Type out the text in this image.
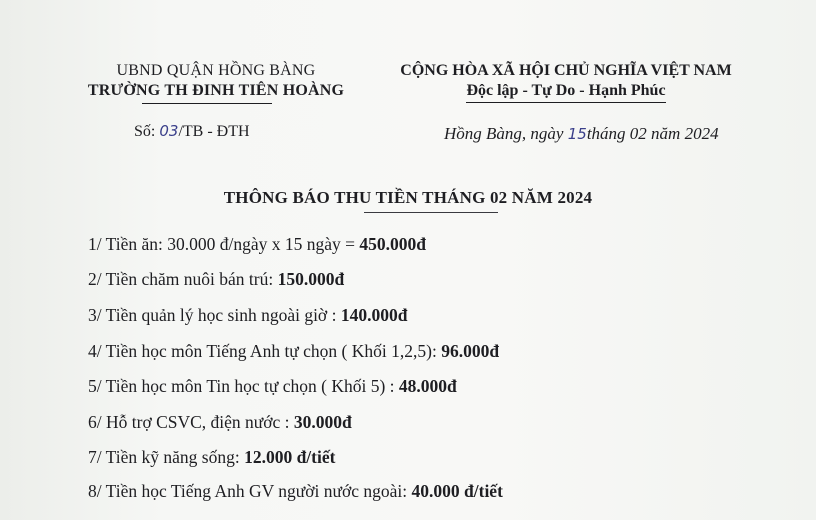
UBND QUẬN HỒNG BÀNG
TRƯỜNG TH ĐINH TIÊN HOÀNG
CỘNG HÒA XÃ HỘI CHỦ NGHĨA VIỆT NAM
Độc lập - Tự Do - Hạnh Phúc
Số: 03/TB - ĐTH	Hồng Bàng, ngày 15tháng 02 năm 2024
THÔNG BÁO THU TIỀN THÁNG 02 NĂM 2024
1/ Tiền ăn: 30.000 đ/ngày x 15 ngày = 450.000đ
2/ Tiền chăm nuôi bán trú: 150.000đ
3/ Tiền quản lý học sinh ngoài giờ : 140.000đ
4/ Tiền học môn Tiếng Anh tự chọn ( Khối 1,2,5): 96.000đ
5/ Tiền học môn Tin học tự chọn ( Khối 5) : 48.000đ
6/ Hỗ trợ CSVC, điện nước : 30.000đ
7/ Tiền kỹ năng sống: 12.000 đ/tiết
8/ Tiền học Tiếng Anh GV người nước ngoài: 40.000 đ/tiết
